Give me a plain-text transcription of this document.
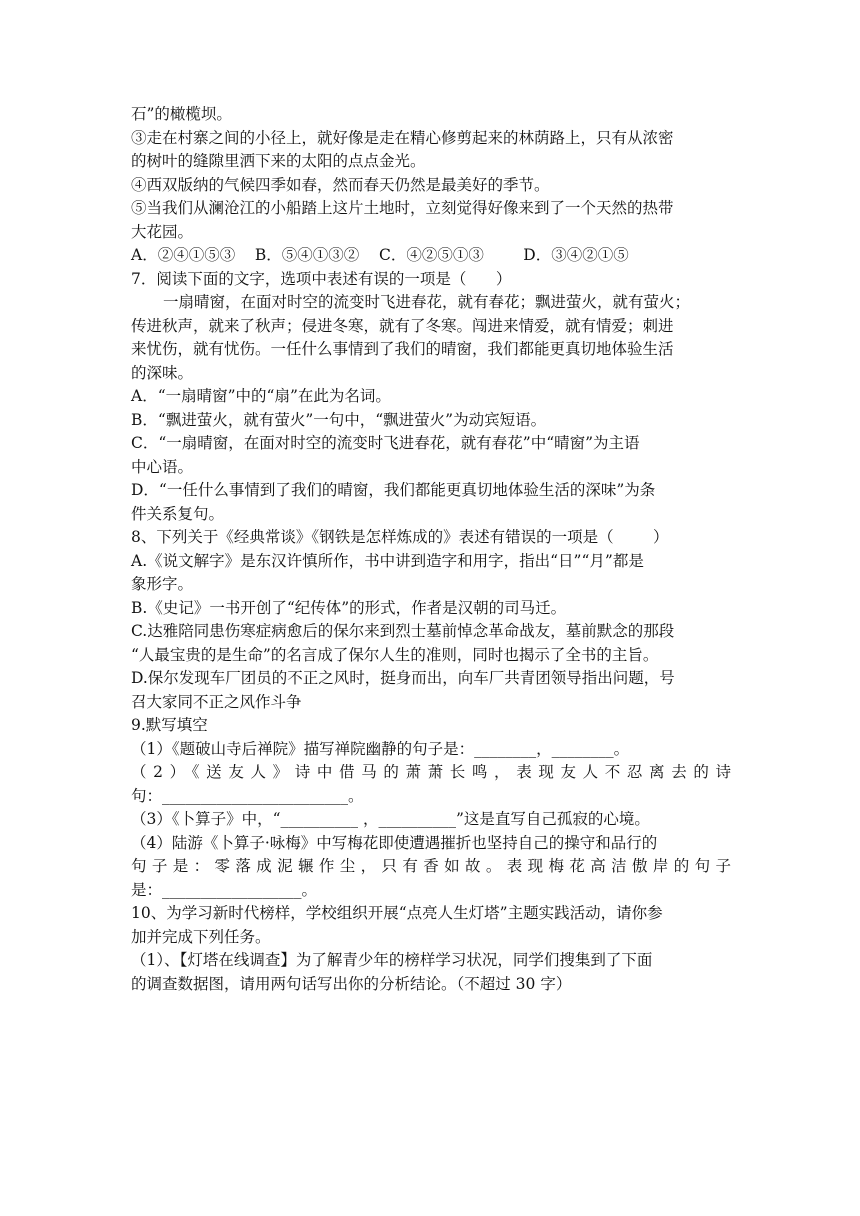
石”的橄榄坝。
③走在村寨之间的小径上，就好像是走在精心修剪起来的林荫路上，只有从浓密
的树叶的缝隙里洒下来的太阳的点点金光。
④西双版纳的气候四季如春，然而春天仍然是最美好的季节。
⑤当我们从澜沧江的小船踏上这片土地时，立刻觉得好像来到了一个天然的热带
大花园。
A．②④①⑤③    B．⑤④①③②    C．④②⑤①③        D．③④②①⑤
7．阅读下面的文字，选项中表述有误的一项是（      ）
一扇晴窗，在面对时空的流变时飞进春花，就有春花；飘进萤火，就有萤火；
传进秋声，就来了秋声；侵进冬寒，就有了冬寒。闯进来情爱，就有情爱；刺进
来忧伤，就有忧伤。一任什么事情到了我们的晴窗，我们都能更真切地体验生活
的深味。
A．“一扇晴窗”中的“扇”在此为名词。
B．“飘进萤火，就有萤火”一句中，“飘进萤火”为动宾短语。
C．“一扇晴窗，在面对时空的流变时飞进春花，就有春花”中“晴窗”为主语
中心语。
D．“一任什么事情到了我们的晴窗，我们都能更真切地体验生活的深味”为条
件关系复句。
8、下列关于《经典常谈》《钢铁是怎样炼成的》表述有错误的一项是（        ）
A.《说文解字》是东汉许慎所作，书中讲到造字和用字，指出“日”“月”都是
象形字。
B.《史记》一书开创了“纪传体”的形式，作者是汉朝的司马迁。
C.达雅陪同患伤寒症病愈后的保尔来到烈士墓前悼念革命战友，墓前默念的那段
“人最宝贵的是生命”的名言成了保尔人生的准则，同时也揭示了全书的主旨。
D.保尔发现车厂团员的不正之风时，挺身而出，向车厂共青团领导指出问题，号
召大家同不正之风作斗争
9.默写填空
（1）《题破山寺后禅院》描写禅院幽静的句子是：________，________。
（2）《送友人》诗中借马的萧萧长鸣，表现友人不忍离去的诗
句：________________________。
（3）《卜算子》中，“__________ ，__________”这是直写自己孤寂的心境。
（4）陆游《卜算子·咏梅》中写梅花即使遭遇摧折也坚持自己的操守和品行的
句子是：零落成泥辗作尘，只有香如故。表现梅花高洁傲岸的句子
是：__________________。
10、为学习新时代榜样，学校组织开展“点亮人生灯塔”主题实践活动，请你参
加并完成下列任务。
（1）、【灯塔在线调查】为了解青少年的榜样学习状况，同学们搜集到了下面
的调查数据图，请用两句话写出你的分析结论。（不超过 30 字）
